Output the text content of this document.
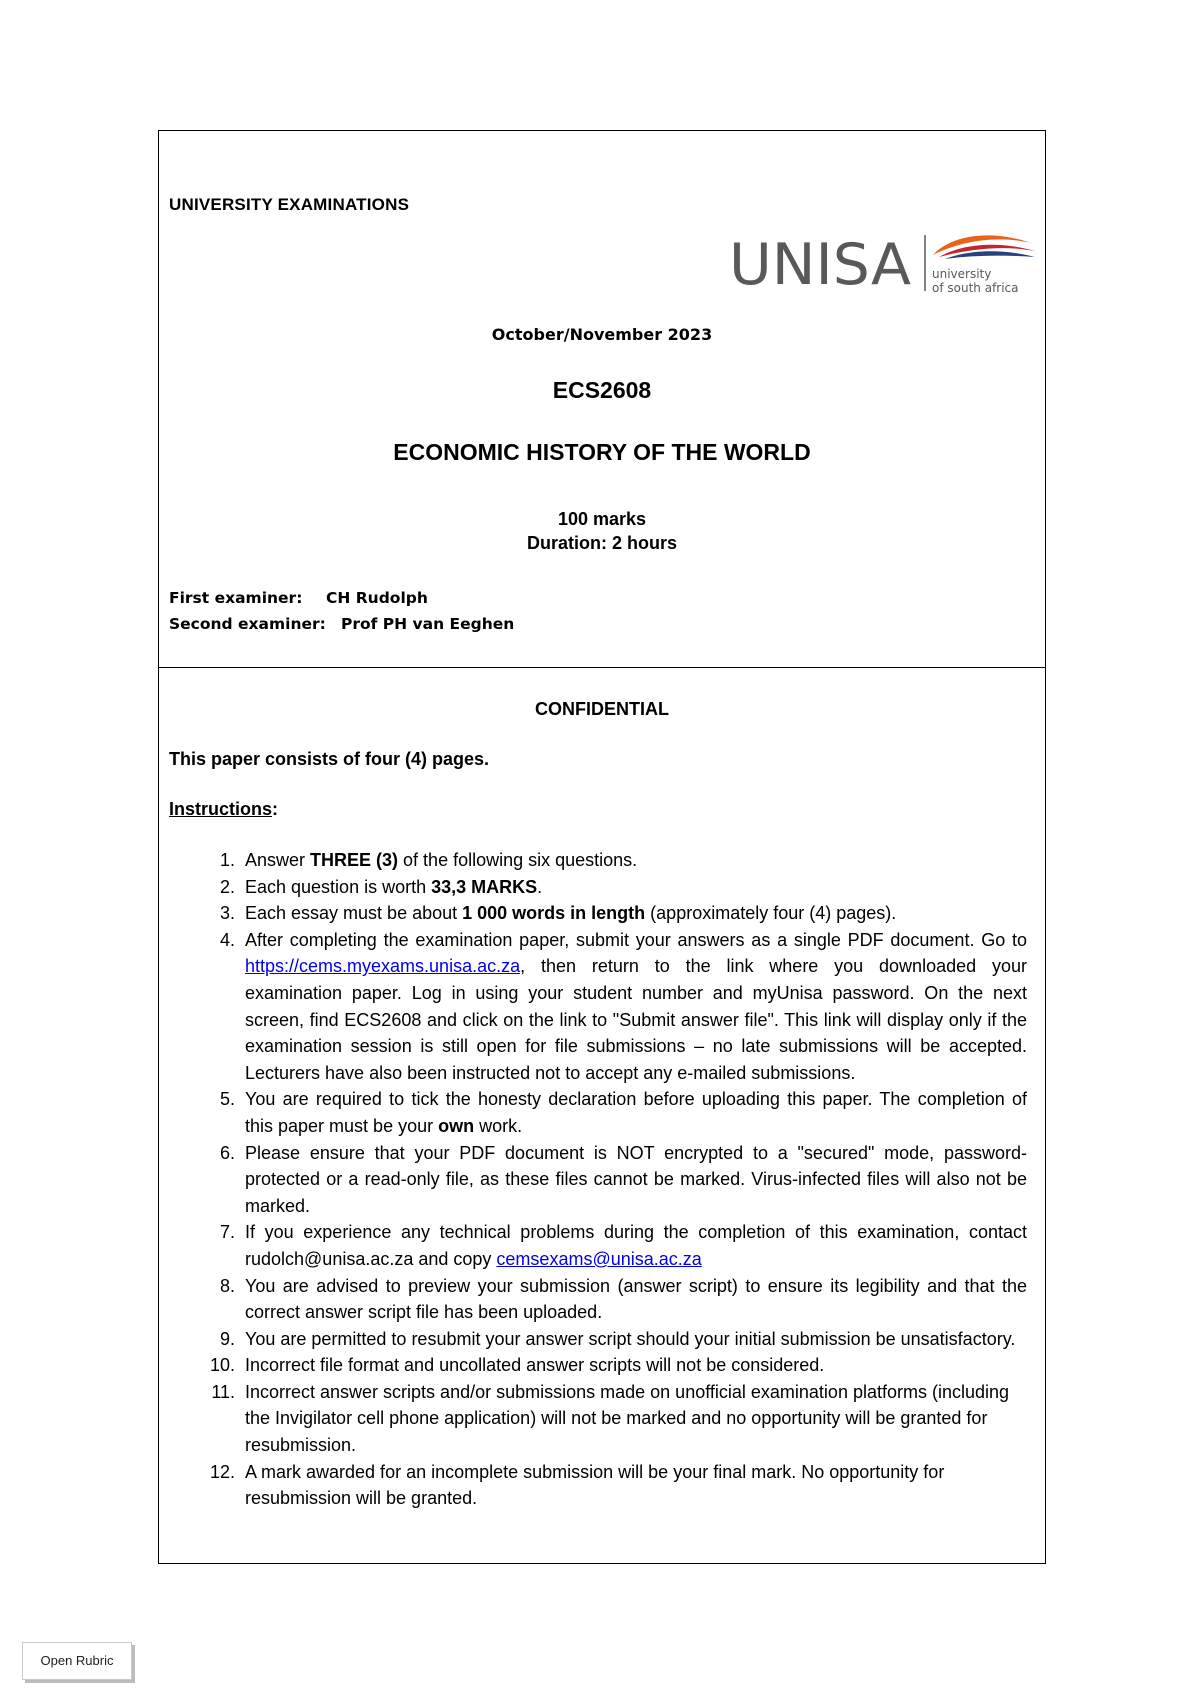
UNIVERSITY EXAMINATIONS
UNISA university
of south africa
October/November 2023
ECS2608
ECONOMIC HISTORY OF THE WORLD
100 marks
Duration: 2 hours
First examiner: CH Rudolph
Second examiner: Prof PH van Eeghen
CONFIDENTIAL
This paper consists of four (4) pages.
Instructions:
1. Answer THREE (3) of the following six questions.
2. Each question is worth 33,3 MARKS.
3. Each essay must be about 1 000 words in length (approximately four (4) pages).
4. After completing the examination paper, submit your answers as a single PDF document. Go to https://cems.myexams.unisa.ac.za, then return to the link where you downloaded your examination paper. Log in using your student number and myUnisa password. On the next screen, find ECS2608 and click on the link to "Submit answer file". This link will display only if the examination session is still open for file submissions – no late submissions will be accepted. Lecturers have also been instructed not to accept any e-mailed submissions.
5. You are required to tick the honesty declaration before uploading this paper. The completion of this paper must be your own work.
6. Please ensure that your PDF document is NOT encrypted to a "secured" mode, password-protected or a read-only file, as these files cannot be marked. Virus-infected files will also not be marked.
7. If you experience any technical problems during the completion of this examination, contact rudolch@unisa.ac.za and copy cemsexams@unisa.ac.za
8. You are advised to preview your submission (answer script) to ensure its legibility and that the correct answer script file has been uploaded.
9. You are permitted to resubmit your answer script should your initial submission be unsatisfactory.
10. Incorrect file format and uncollated answer scripts will not be considered.
11. Incorrect answer scripts and/or submissions made on unofficial examination platforms (including the Invigilator cell phone application) will not be marked and no opportunity will be granted for resubmission.
12. A mark awarded for an incomplete submission will be your final mark. No opportunity for resubmission will be granted.
Open Rubric
